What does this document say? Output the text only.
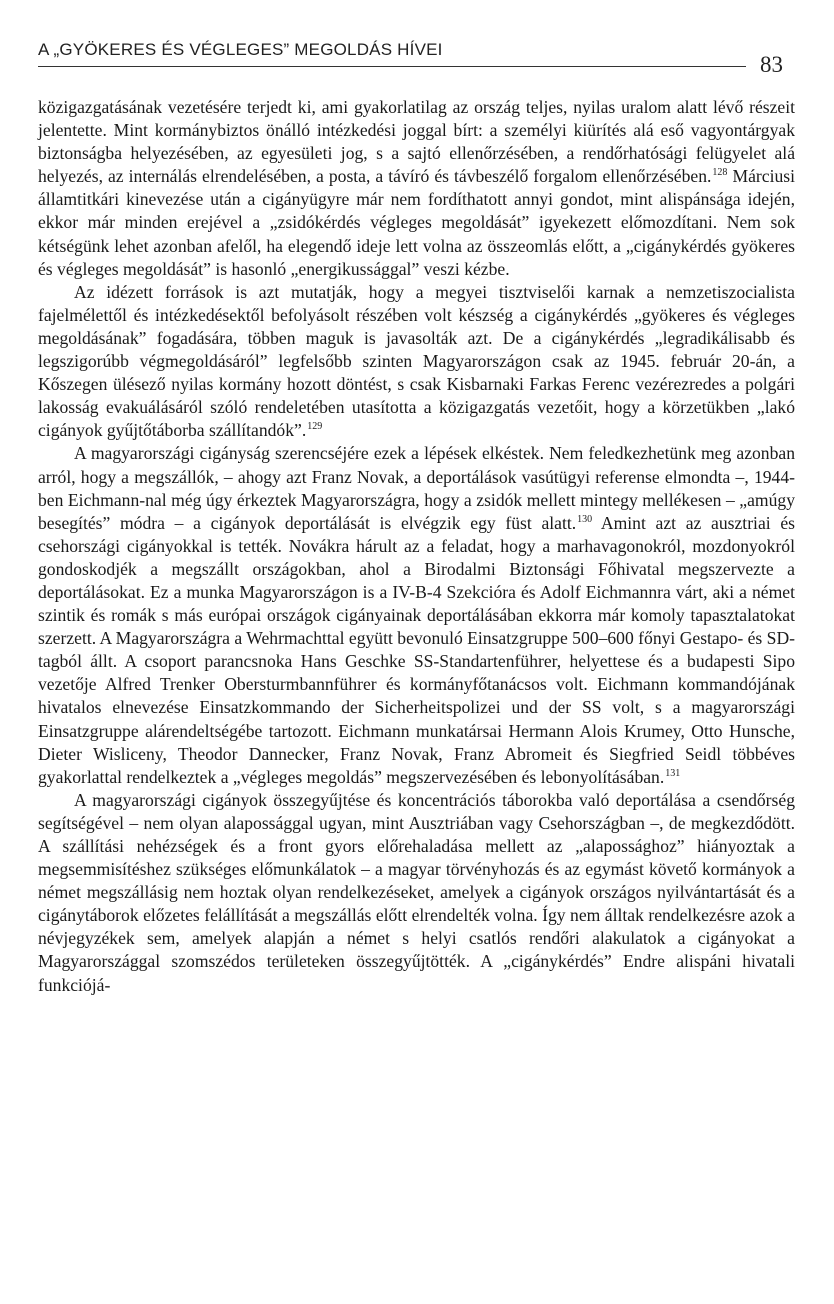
A „GYÖKERES ÉS VÉGLEGES” MEGOLDÁS HÍVEI
83

közigazgatásának vezetésére terjedt ki, ami gyakorlatilag az ország teljes, nyilas uralom alatt lévő részeit jelentette. Mint kormánybiztos önálló intézkedési joggal bírt: a személyi kiürítés alá eső vagyontárgyak biztonságba helyezésében, az egyesületi jog, s a sajtó ellenőrzésében, a rendőrhatósági felügyelet alá helyezés, az internálás elrendelésében, a posta, a távíró és távbeszélő forgalom ellenőrzésében.$^{128}$ Márciusi államtitkári kinevezése után a cigányügyre már nem fordíthatott annyi gondot, mint alispánsága idején, ekkor már minden erejével a „zsidókérdés végleges megoldását” igyekezett előmozdítani. Nem sok kétségünk lehet azonban afelől, ha elegendő ideje lett volna az összeomlás előtt, a „cigánykérdés gyökeres és végleges megoldását” is hasonló „energikussággal” veszi kézbe.

Az idézett források is azt mutatják, hogy a megyei tisztviselői karnak a nemzetiszocialista fajelmélettől és intézkedésektől befolyásolt részében volt készség a cigánykérdés „gyökeres és végleges megoldásának” fogadására, többen maguk is javasolták azt. De a cigánykérdés „legradikálisabb és legszigorúbb végmegoldásáról” legfelsőbb szinten Magyarországon csak az 1945. február 20-án, a Kőszegen ülésező nyilas kormány hozott döntést, s csak Kisbarnaki Farkas Ferenc vezérezredes a polgári lakosság evakuálásáról szóló rendeletében utasította a közigazgatás vezetőit, hogy a körzetükben „lakó cigányok gyűjtőtáborba szállítandók”.$^{129}$

A magyarországi cigányság szerencséjére ezek a lépések elkéstek. Nem feledkezhetünk meg azonban arról, hogy a megszállók, – ahogy azt Franz Novak, a deportálások vasútügyi referense elmondta –, 1944-ben Eichmann-nal még úgy érkeztek Magyarországra, hogy a zsidók mellett mintegy mellékesen – „amúgy besegítés” módra – a cigányok deportálását is elvégzik egy füst alatt.$^{130}$ Amint azt az ausztriai és csehországi cigányokkal is tették. Novákra hárult az a feladat, hogy a marhavagonokról, mozdonyokról gondoskodjék a megszállt országokban, ahol a Birodalmi Biztonsági Főhivatal megszervezte a deportálásokat. Ez a munka Magyarországon is a IV-B-4 Szekcióra és Adolf Eichmannra várt, aki a német szintik és romák s más európai országok cigányainak deportálásában ekkorra már komoly tapasztalatokat szerzett. A Magyarországra a Wehrmachttal együtt bevonuló Einsatzgruppe 500–600 főnyi Gestapo- és SD-tagból állt. A csoport parancsnoka Hans Geschke SS-Standartenführer, helyettese és a budapesti Sipo vezetője Alfred Trenker Obersturmbannführer és kormányfőtanácsos volt. Eichmann kommandójának hivatalos elnevezése Einsatzkommando der Sicherheitspolizei und der SS volt, s a magyarországi Einsatzgruppe alárendeltségébe tartozott. Eichmann munkatársai Hermann Alois Krumey, Otto Hunsche, Dieter Wisliceny, Theodor Dannecker, Franz Novak, Franz Abromeit és Siegfried Seidl többéves gyakorlattal rendelkeztek a „végleges megoldás” megszervezésében és lebonyolításában.$^{131}$

A magyarországi cigányok összegyűjtése és koncentrációs táborokba való deportálása a csendőrség segítségével – nem olyan alapossággal ugyan, mint Ausztriában vagy Csehországban –, de megkezdődött. A szállítási nehézségek és a front gyors előrehaladása mellett az „alapossághoz” hiányoztak a megsemmisítéshez szükséges előmunkálatok – a magyar törvényhozás és az egymást követő kormányok a német megszállásig nem hoztak olyan rendelkezéseket, amelyek a cigányok országos nyilvántartását és a cigánytáborok előzetes felállítását a megszállás előtt elrendelték volna. Így nem álltak rendelkezésre azok a névjegyzékek sem, amelyek alapján a német s helyi csatlós rendőri alakulatok a cigányokat a Magyarországgal szomszédos területeken összegyűjtötték. A „cigánykérdés” Endre alispáni hivatali funkciójá-
